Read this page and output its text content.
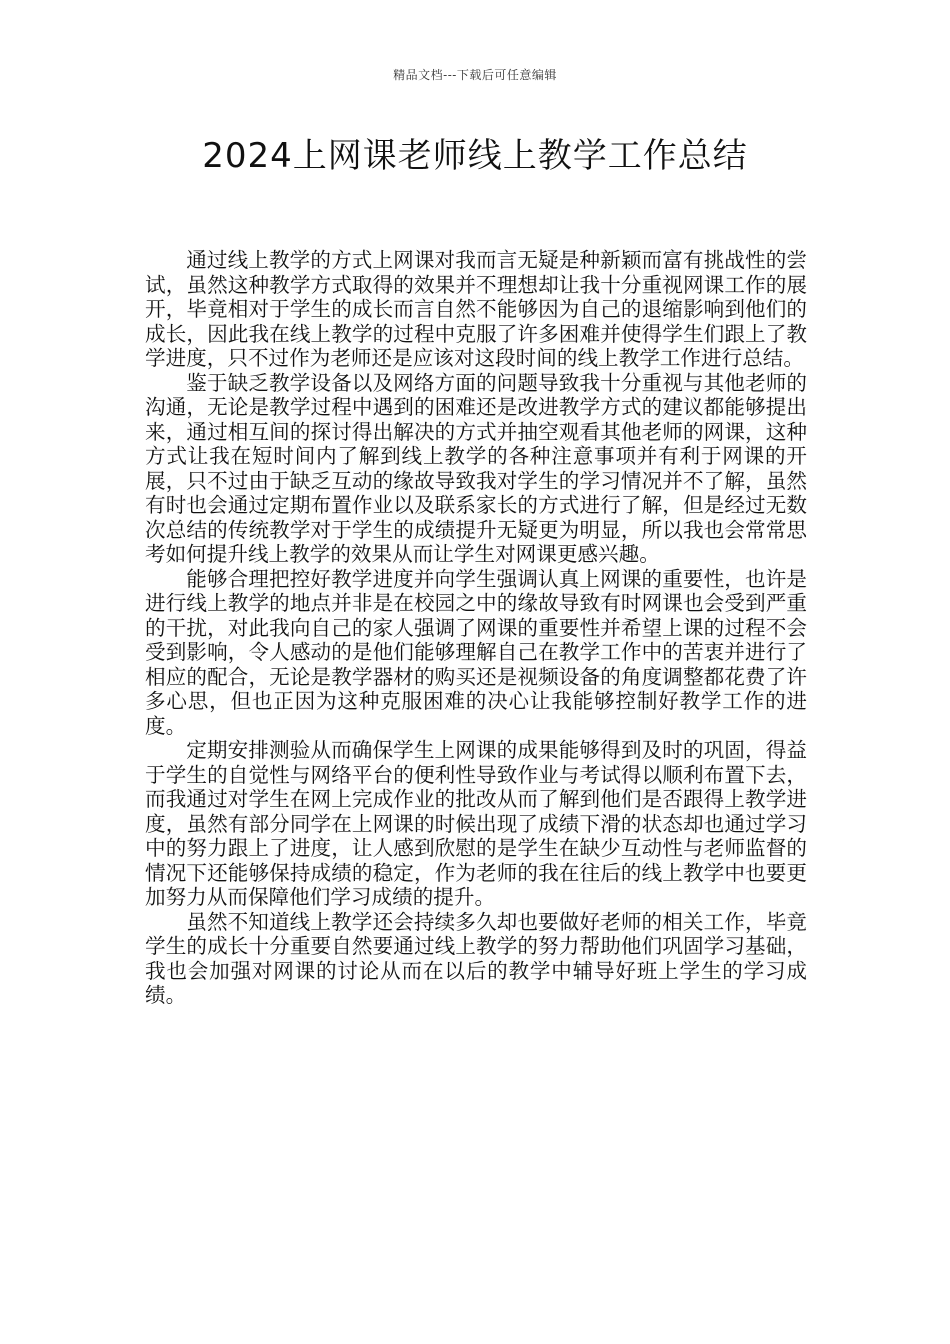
精品文档---下载后可任意编辑
2024上网课老师线上教学工作总结

通过线上教学的方式上网课对我而言无疑是种新颖而富有挑战性的尝试，虽然这种教学方式取得的效果并不理想却让我十分重视网课工作的展开，毕竟相对于学生的成长而言自然不能够因为自己的退缩影响到他们的成长，因此我在线上教学的过程中克服了许多困难并使得学生们跟上了教学进度，只不过作为老师还是应该对这段时间的线上教学工作进行总结。

鉴于缺乏教学设备以及网络方面的问题导致我十分重视与其他老师的沟通，无论是教学过程中遇到的困难还是改进教学方式的建议都能够提出来，通过相互间的探讨得出解决的方式并抽空观看其他老师的网课，这种方式让我在短时间内了解到线上教学的各种注意事项并有利于网课的开展，只不过由于缺乏互动的缘故导致我对学生的学习情况并不了解，虽然有时也会通过定期布置作业以及联系家长的方式进行了解，但是经过无数次总结的传统教学对于学生的成绩提升无疑更为明显，所以我也会常常思考如何提升线上教学的效果从而让学生对网课更感兴趣。

能够合理把控好教学进度并向学生强调认真上网课的重要性，也许是进行线上教学的地点并非是在校园之中的缘故导致有时网课也会受到严重的干扰，对此我向自己的家人强调了网课的重要性并希望上课的过程不会受到影响，令人感动的是他们能够理解自己在教学工作中的苦衷并进行了相应的配合，无论是教学器材的购买还是视频设备的角度调整都花费了许多心思，但也正因为这种克服困难的决心让我能够控制好教学工作的进度。

定期安排测验从而确保学生上网课的成果能够得到及时的巩固，得益于学生的自觉性与网络平台的便利性导致作业与考试得以顺利布置下去，而我通过对学生在网上完成作业的批改从而了解到他们是否跟得上教学进度，虽然有部分同学在上网课的时候出现了成绩下滑的状态却也通过学习中的努力跟上了进度，让人感到欣慰的是学生在缺少互动性与老师监督的情况下还能够保持成绩的稳定，作为老师的我在往后的线上教学中也要更加努力从而保障他们学习成绩的提升。

虽然不知道线上教学还会持续多久却也要做好老师的相关工作，毕竟学生的成长十分重要自然要通过线上教学的努力帮助他们巩固学习基础，我也会加强对网课的讨论从而在以后的教学中辅导好班上学生的学习成绩。
